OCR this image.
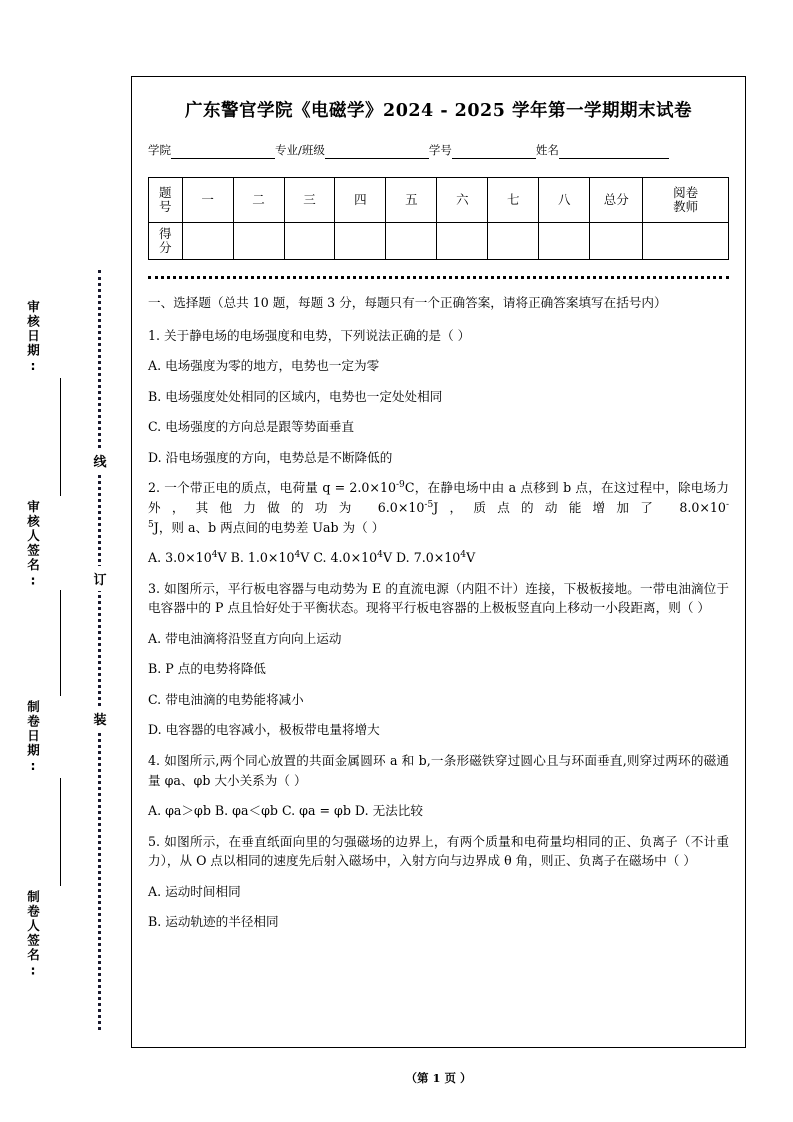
审核日期:
审核人签名:
制卷日期:
制卷人签名:
线
订
装
广东警官学院《电磁学》2024 - 2025 学年第一学期期末试卷
学院	专业/班级	学号	姓名
题
号	一	二	三	四	五	六	七	八	总分	阅卷
教师

得
分										

一、选择题（总共 10 题，每题 3 分，每题只有一个正确答案，请将正确答案填写在括号内）

1. 关于静电场的电场强度和电势，下列说法正确的是（ ）

A. 电场强度为零的地方，电势也一定为零

B. 电场强度处处相同的区域内，电势也一定处处相同

C. 电场强度的方向总是跟等势面垂直

D. 沿电场强度的方向，电势总是不断降低的

2. 一个带正电的质点，电荷量 $q = 2.0\times 10^{-9}C$，在静电场中由 a 点移到 b 点，在这过程中，除电场力外，其他力做的功为 $6.0\times 10^{-5}J$，质点的动能增加了 $8.0\times 10^{-5}J$，则 a、b 两点间的电势差 Uab 为（ ）

A. $3.0\times 10^4V$ B. $1.0\times 10^4V$ C. $4.0\times 10^4V$ D. $7.0\times 10^4V$

3. 如图所示，平行板电容器与电动势为 E 的直流电源（内阻不计）连接，下极板接地。一带电油滴位于电容器中的 P 点且恰好处于平衡状态。现将平行板电容器的上极板竖直向上移动一小段距离，则（ ）

A. 带电油滴将沿竖直方向向上运动

B. P 点的电势将降低

C. 带电油滴的电势能将减小

D. 电容器的电容减小，极板带电量将增大

4. 如图所示,两个同心放置的共面金属圆环 a 和 b,一条形磁铁穿过圆心且与环面垂直,则穿过两环的磁通量 φa、φb 大小关系为（ ）

A. φa＞φb B. φa＜φb C. φa = φb D. 无法比较

5. 如图所示，在垂直纸面向里的匀强磁场的边界上，有两个质量和电荷量均相同的正、负离子（不计重力），从 O 点以相同的速度先后射入磁场中，入射方向与边界成 θ 角，则正、负离子在磁场中（ ）

A. 运动时间相同

B. 运动轨迹的半径相同

（第 1 页 ）
